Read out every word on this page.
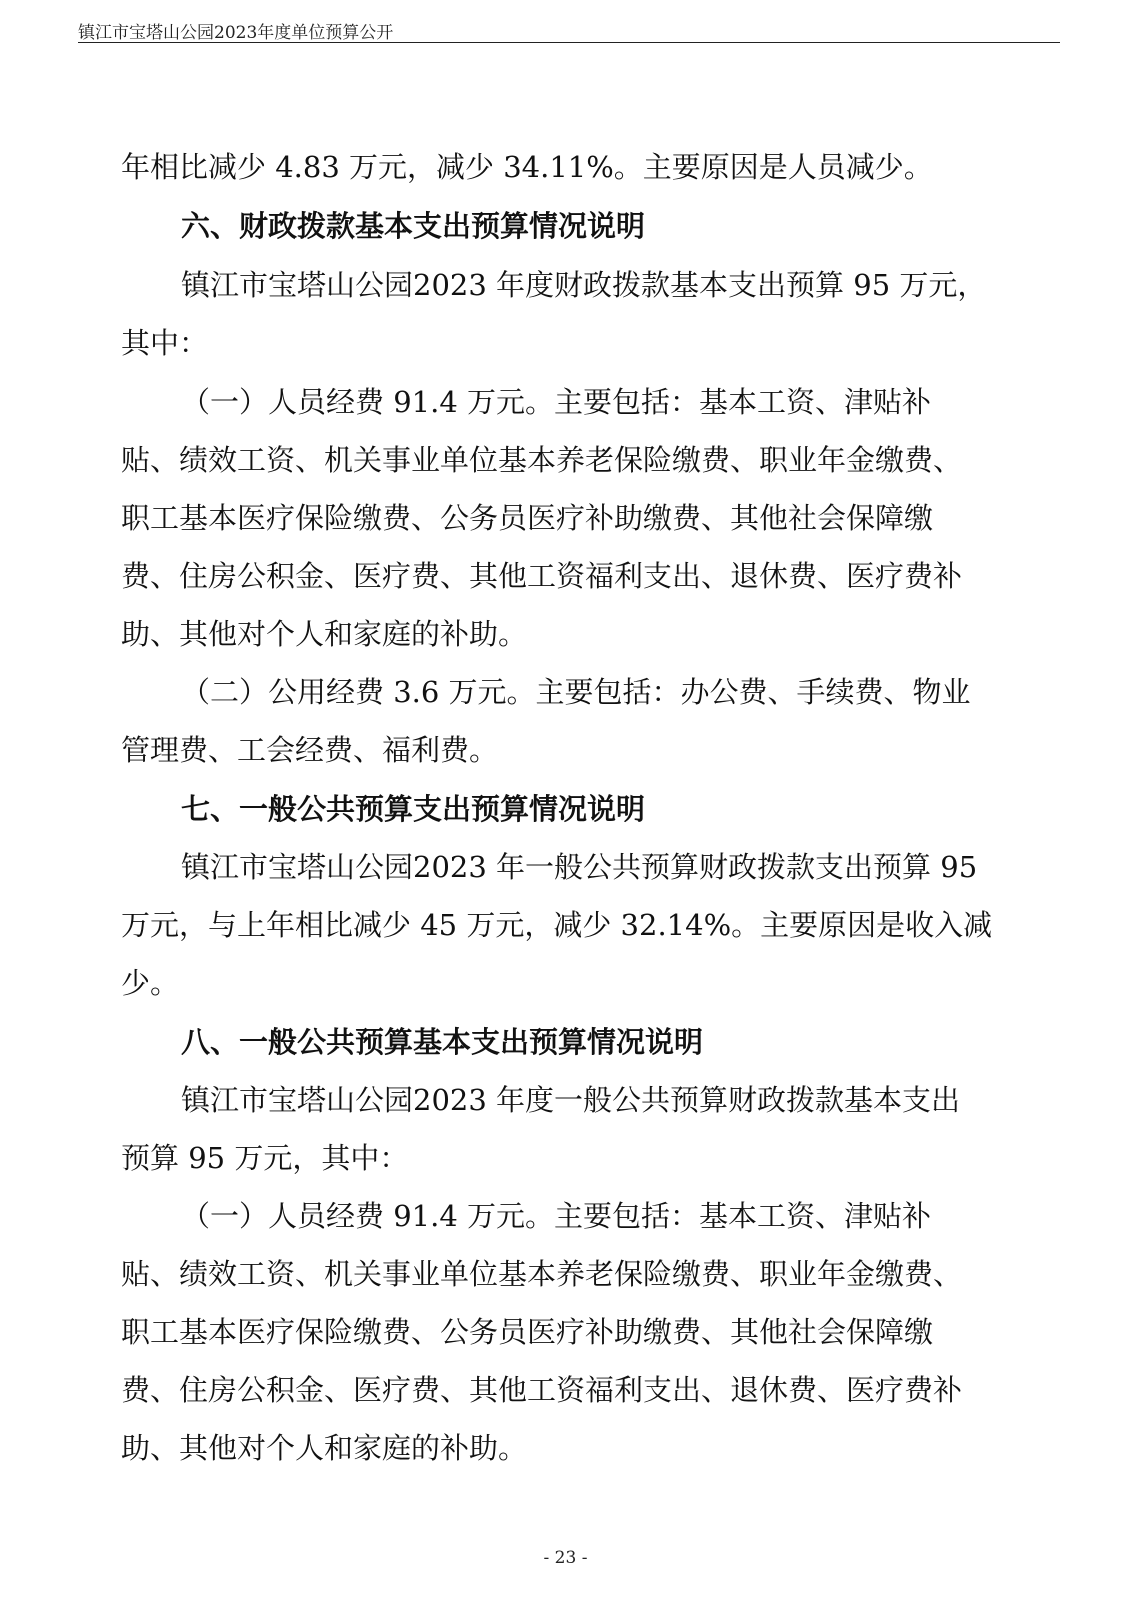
镇江市宝塔山公园2023年度单位预算公开
年相比减少 4.83 万元，减少 34.11%。主要原因是人员减少。
六、财政拨款基本支出预算情况说明
镇江市宝塔山公园2023 年度财政拨款基本支出预算 95 万元，
其中：
（一）人员经费 91.4 万元。主要包括：基本工资、津贴补
贴、绩效工资、机关事业单位基本养老保险缴费、职业年金缴费、
职工基本医疗保险缴费、公务员医疗补助缴费、其他社会保障缴
费、住房公积金、医疗费、其他工资福利支出、退休费、医疗费补
助、其他对个人和家庭的补助。
（二）公用经费 3.6 万元。主要包括：办公费、手续费、物业
管理费、工会经费、福利费。
七、一般公共预算支出预算情况说明
镇江市宝塔山公园2023 年一般公共预算财政拨款支出预算 95
万元，与上年相比减少 45 万元，减少 32.14%。主要原因是收入减
少。
八、一般公共预算基本支出预算情况说明
镇江市宝塔山公园2023 年度一般公共预算财政拨款基本支出
预算 95 万元，其中：
（一）人员经费 91.4 万元。主要包括：基本工资、津贴补
贴、绩效工资、机关事业单位基本养老保险缴费、职业年金缴费、
职工基本医疗保险缴费、公务员医疗补助缴费、其他社会保障缴
费、住房公积金、医疗费、其他工资福利支出、退休费、医疗费补
助、其他对个人和家庭的补助。
- 23 -
